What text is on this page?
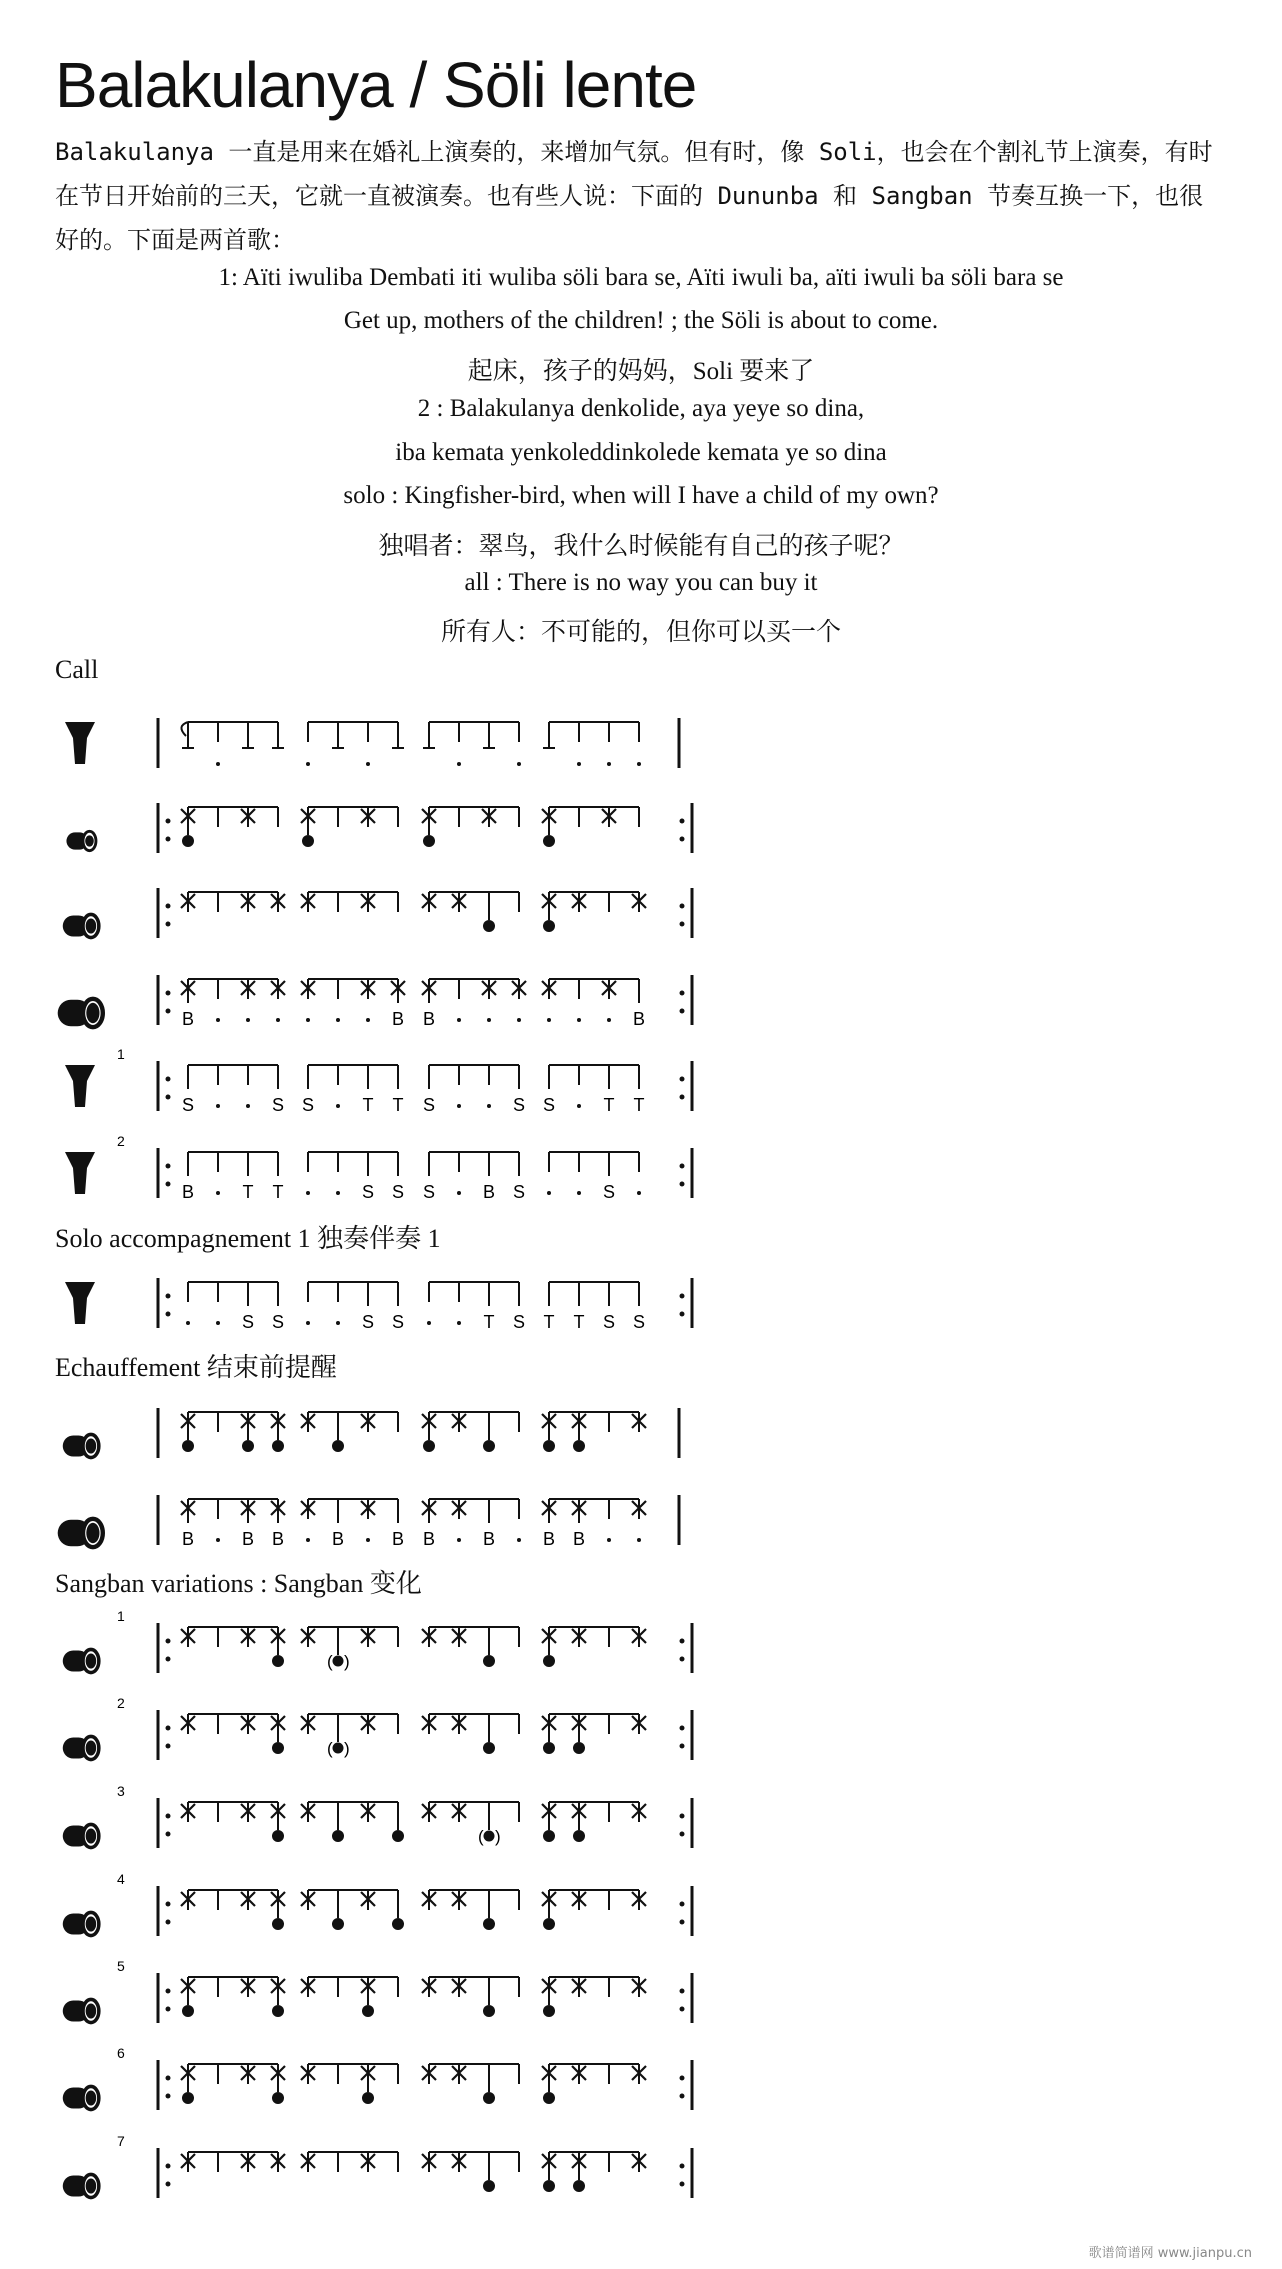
Balakulanya / Söli lente
Balakulanya 一直是用来在婚礼上演奏的，来增加气氛。但有时，像 Soli，也会在个割礼节上演奏，有时在节日开始前的三天，它就一直被演奏。也有些人说：下面的 Dununba 和 Sangban 节奏互换一下，也很好的。下面是两首歌：
1: Aïti iwuliba Dembati iti wuliba söli bara se, Aïti iwuli ba, aïti iwuli ba söli bara se
Get up, mothers of the children! ; the Söli is about to come.
起床，孩子的妈妈，Soli 要来了
2 : Balakulanya denkolide, aya yeye so dina,
iba kemata yenkoleddinkolede kemata ye so dina
solo : Kingfisher-bird, when will I have a child of my own?
独唱者：翠鸟，我什么时候能有自己的孩子呢？
all : There is no way you can buy it
所有人：不可能的，但你可以买一个
Call
Solo accompagnement 1 独奏伴奏 1
Echauffement 结束前提醒
Sangban variations : Sangban 变化
B	B B	B
1
S	S S	T T S	S S	T T
2
B	T T	S S S	B S	S
S S	S S	T S T T S S
B	B B	B	B B	B	B B
1
( )
2
( )
3
( )
4
5
6
7
歌谱简谱网 www.jianpu.cn
